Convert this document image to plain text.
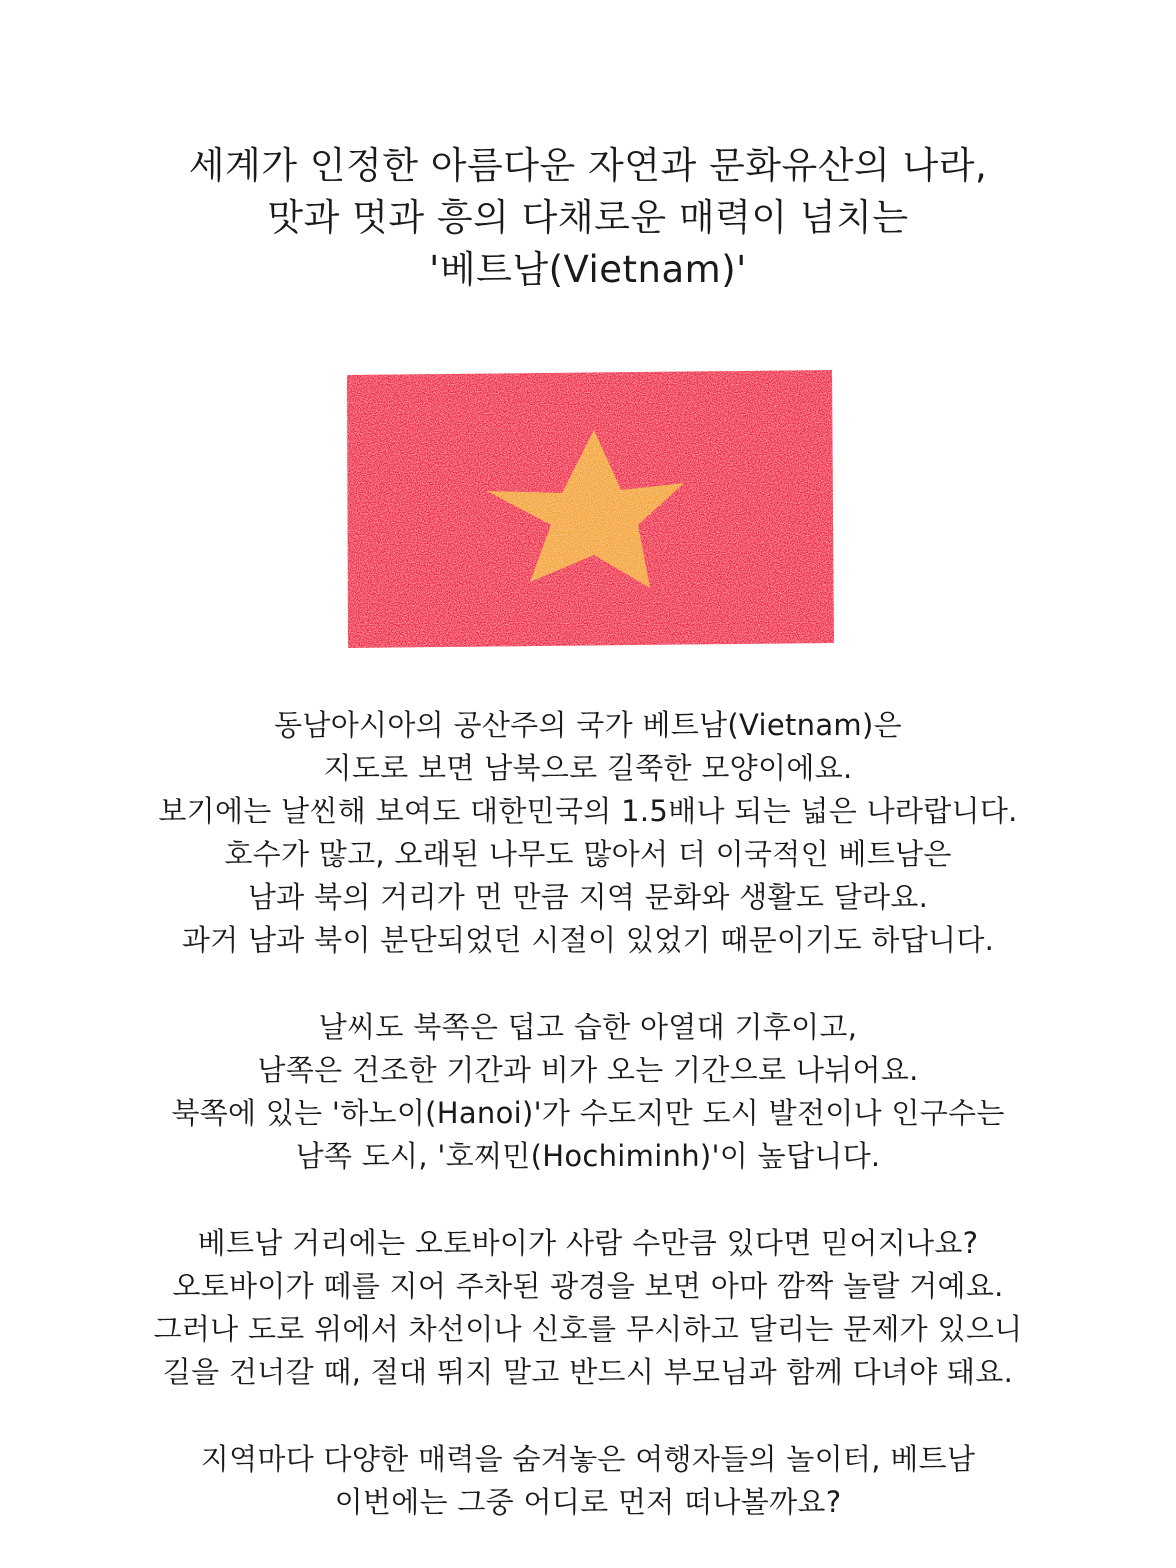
세계가 인정한 아름다운 자연과 문화유산의 나라,
맛과 멋과 흥의 다채로운 매력이 넘치는
'베트남(Vietnam)'
동남아시아의 공산주의 국가 베트남(Vietnam)은
지도로 보면 남북으로 길쭉한 모양이에요.
보기에는 날씬해 보여도 대한민국의 1.5배나 되는 넓은 나라랍니다.
호수가 많고, 오래된 나무도 많아서 더 이국적인 베트남은
남과 북의 거리가 먼 만큼 지역 문화와 생활도 달라요.
과거 남과 북이 분단되었던 시절이 있었기 때문이기도 하답니다.
날씨도 북쪽은 덥고 습한 아열대 기후이고,
남쪽은 건조한 기간과 비가 오는 기간으로 나뉘어요.
북쪽에 있는 '하노이(Hanoi)'가 수도지만 도시 발전이나 인구수는
남쪽 도시, '호찌민(Hochiminh)'이 높답니다.
베트남 거리에는 오토바이가 사람 수만큼 있다면 믿어지나요?
오토바이가 떼를 지어 주차된 광경을 보면 아마 깜짝 놀랄 거예요.
그러나 도로 위에서 차선이나 신호를 무시하고 달리는 문제가 있으니
길을 건너갈 때, 절대 뛰지 말고 반드시 부모님과 함께 다녀야 돼요.
지역마다 다양한 매력을 숨겨놓은 여행자들의 놀이터, 베트남
이번에는 그중 어디로 먼저 떠나볼까요?
